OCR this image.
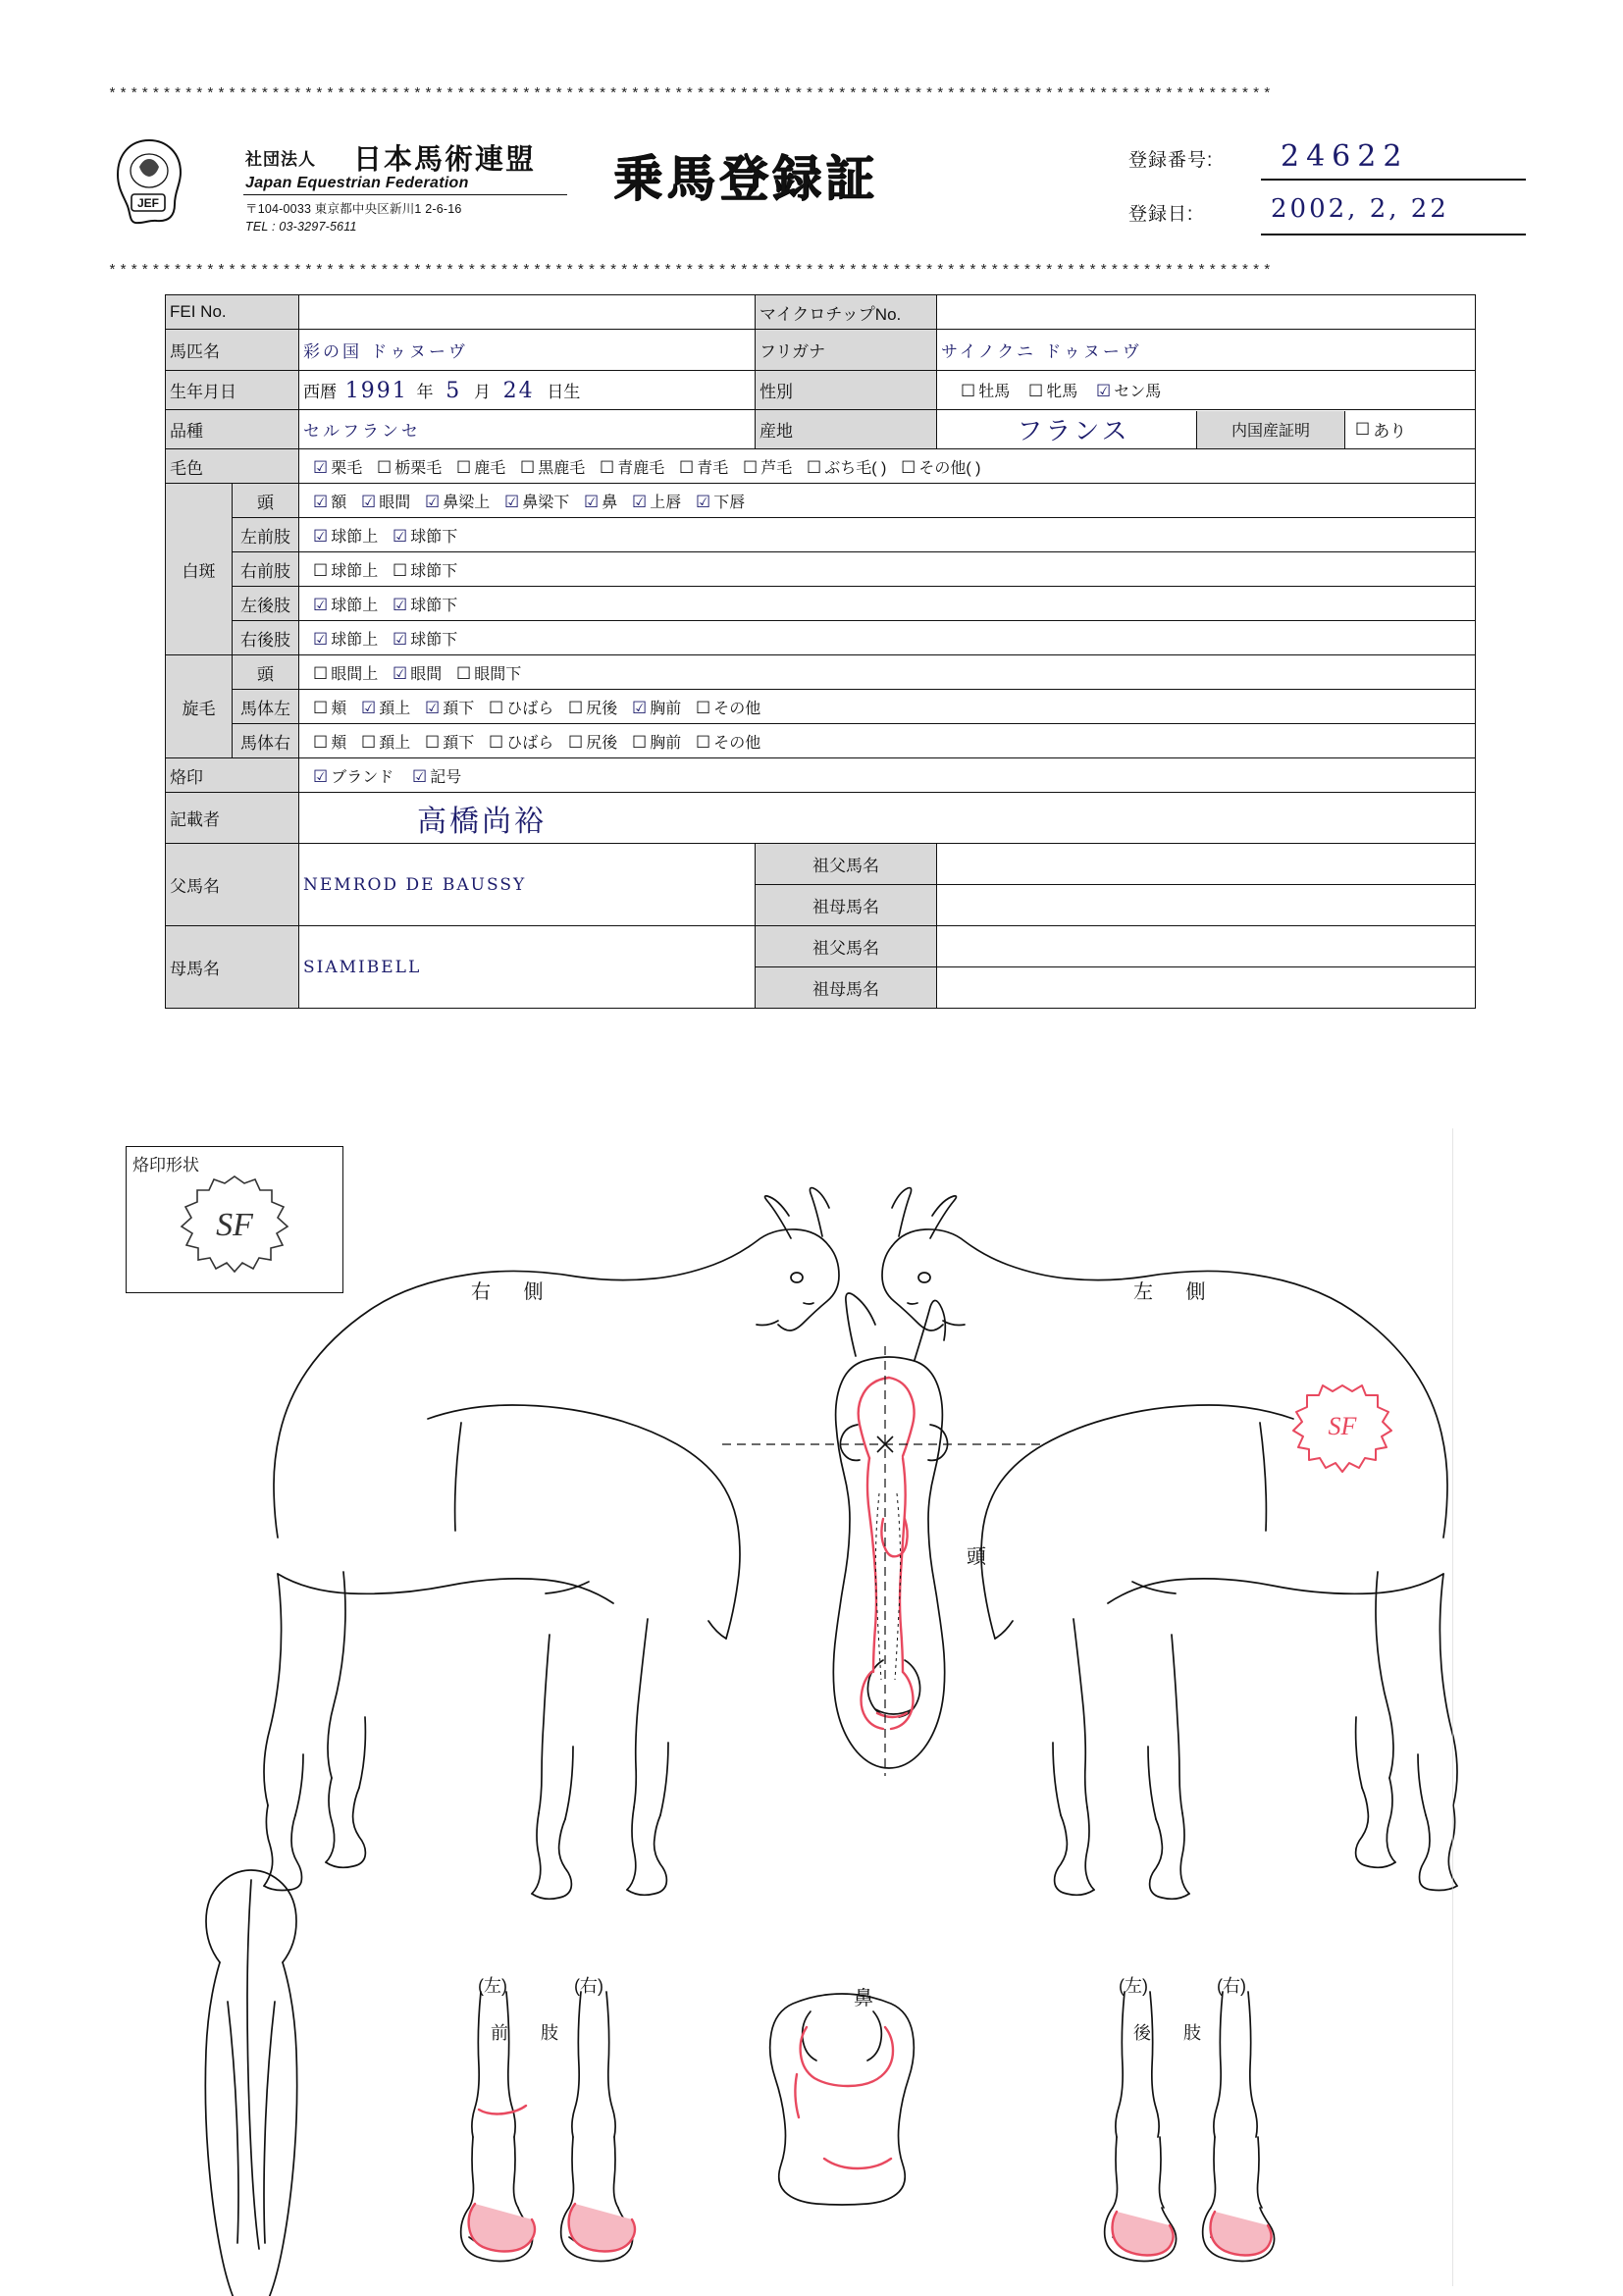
***********************************************************************************************************
JEF
社団法人 日本馬術連盟
Japan Equestrian Federation
〒104-0033 東京都中央区新川1 2-6-16
TEL : 03-3297-5611
乗馬登録証	登録番号: 24622
登録日:	2002, 2, 22
***********************************************************************************************************
FEI No.			マイクロチップNo.	
馬匹名		彩の国 ドゥヌーヴ	フリガナ	サイノクニ ドゥヌーヴ
生年月日		西暦 1991 年 5 月 24 日生	性別	☐ 牡馬 ☐ 牝馬 ☑ セン馬
品種		セルフランセ	産地	フランス 内国産証明 ☐ あり

毛色		☑ 栗毛 ☐ 栃栗毛 ☐ 鹿毛 ☐ 黒鹿毛 ☐ 青鹿毛 ☐ 青毛 ☐ 芦毛 ☐ ぶち毛( ) ☐ その他( )		
白斑	頭	☑ 額 ☑ 眼間 ☑ 鼻梁上 ☑ 鼻梁下 ☑ 鼻 ☑ 上唇 ☑ 下唇		
	左前肢	☑ 球節上 ☑ 球節下		
	右前肢	☐ 球節上 ☐ 球節下		
	左後肢	☑ 球節上 ☑ 球節下		
	右後肢	☑ 球節上 ☑ 球節下		
旋毛	頭	☐ 眼間上 ☑ 眼間 ☐ 眼間下		
	馬体左	☐ 頬 ☑ 頚上 ☑ 頚下 ☐ ひばら ☐ 尻後 ☑ 胸前 ☐ その他		
	馬体右	☐ 頬 ☐ 頚上 ☐ 頚下 ☐ ひばら ☐ 尻後 ☐ 胸前 ☐ その他		
烙印		☑ ブランド ☑ 記号		
記載者		高橋尚裕		
父馬名		NEMROD DE BAUSSY	祖父馬名	
			祖母馬名	
母馬名		SIAMIBELL	祖父馬名	
			祖母馬名	
烙印形状
SF
右 側	左 側
頭
鼻
(左)	(右)	(左)	(右)
前 肢	後 肢
SF
